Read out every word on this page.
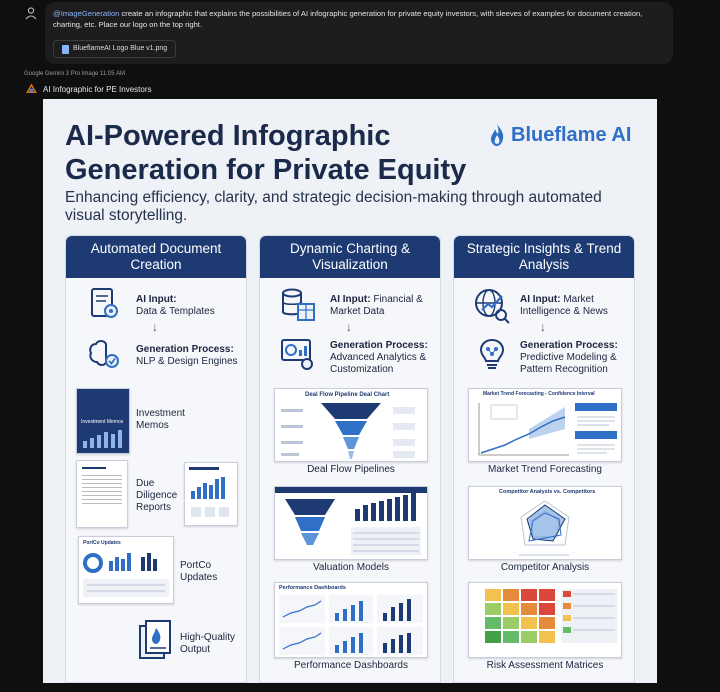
@ImageGeneration create an infographic that explains the possibilities of AI infographic generation for private equity investors, with sleeves of examples for document creation, charting, etc. Place our logo on the top right.
BlueflameAI Logo Blue v1.png
Google Gemini 3 Pro Image 11:05 AM
AI Infographic for PE Investors
AI-Powered Infographic Generation for Private Equity
Blueflame AI
Enhancing efficiency, clarity, and strategic decision-making through automated visual storytelling.
Automated Document Creation
AI Input:
Data & Templates
↓
Generation Process:
NLP & Design Engines
Investment Memos
Investment Memos
Due Diligence Reports
PortCo Updates
PortCo Updates
High-Quality Output
Dynamic Charting & Visualization
AI Input: Financial & Market Data
↓
Generation Process:
Advanced Analytics & Customization
Deal Flow Pipeline Deal Chart
Deal Flow Pipelines
Valuation Models
Performance Dashboards
Performance Dashboards
Strategic Insights & Trend Analysis
AI Input: Market Intelligence & News
↓
Generation Process:
Predictive Modeling & Pattern Recognition
Market Trend Forecasting - Confidence Interval
Market Trend Forecasting
Competitor Analysis vs. Competitors
Competitor Analysis
Risk Assessment Matrices
